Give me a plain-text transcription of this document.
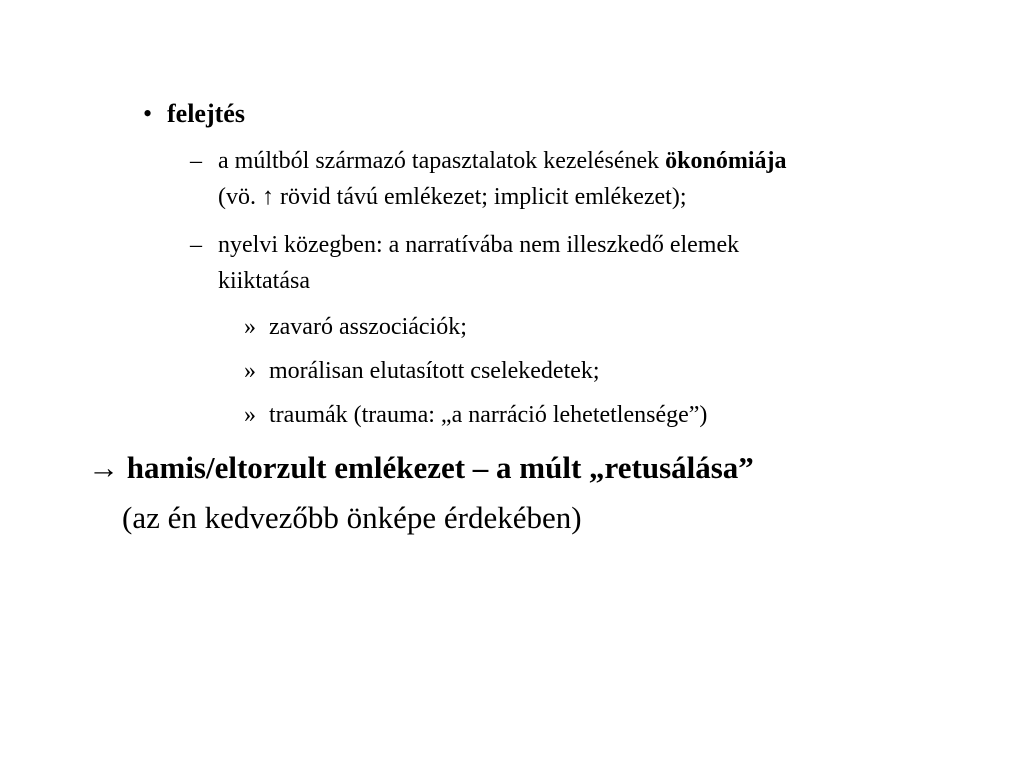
• felejtés
– a múltból származó tapasztalatok kezelésének ökonómiája
(vö. ↑ rövid távú emlékezet; implicit emlékezet);
– nyelvi közegben: a narratívába nem illeszkedő elemek
kiiktatása
» zavaró asszociációk;
» morálisan elutasított cselekedetek;
» traumák (trauma: „a narráció lehetetlensége”)
→ hamis/eltorzult emlékezet – a múlt „retusálása”
(az én kedvezőbb önképe érdekében)
